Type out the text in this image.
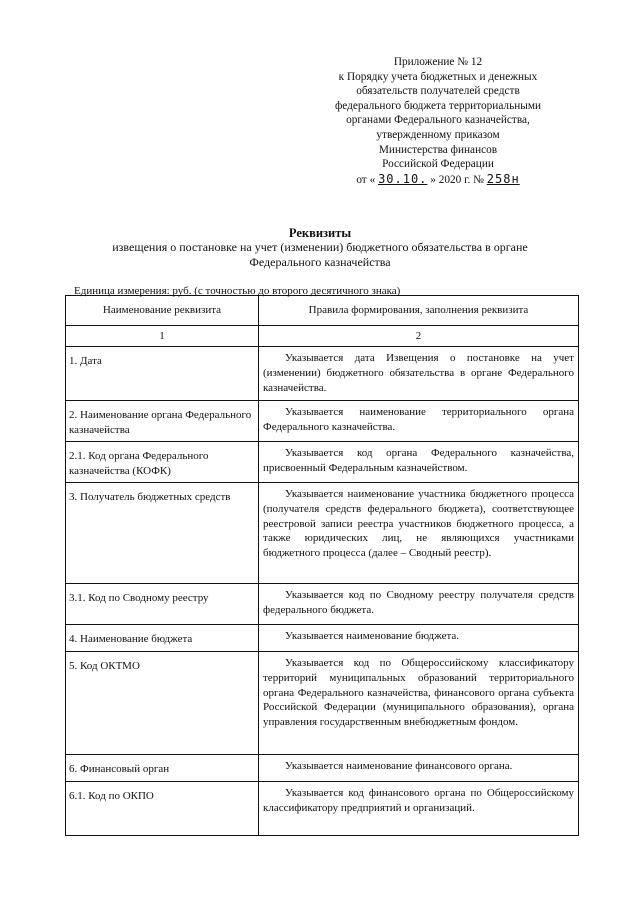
Приложение № 12
к Порядку учета бюджетных и денежных
обязательств получателей средств
федерального бюджета территориальными
органами Федерального казначейства,
утвержденному приказом
Министерства финансов
Российской Федерации
от « 30.10. » 2020 г. № 258н
Реквизиты
извещения о постановке на учет (изменении) бюджетного обязательства в органе Федерального казначейства
Единица измерения: руб. (с точностью до второго десятичного знака)
Наименование реквизита	Правила формирования, заполнения реквизита
1	2
1. Дата	Указывается дата Извещения о постановке на учет (изменении) бюджетного обязательства в органе Федерального казначейства.
2. Наименование органа Федерального казначейства	Указывается наименование территориального органа Федерального казначейства.
2.1. Код органа Федерального казначейства (КОФК)	Указывается код органа Федерального казначейства, присвоенный Федеральным казначейством.
3. Получатель бюджетных средств	Указывается наименование участника бюджетного процесса (получателя средств федерального бюджета), соответствующее реестровой записи реестра участников бюджетного процесса, а также юридических лиц, не являющихся участниками бюджетного процесса (далее – Сводный реестр).
3.1. Код по Сводному реестру	Указывается код по Сводному реестру получателя средств федерального бюджета.
4. Наименование бюджета	Указывается наименование бюджета.
5. Код ОКТМО	Указывается код по Общероссийскому классификатору территорий муниципальных образований территориального органа Федерального казначейства, финансового органа субъекта Российской Федерации (муниципального образования), органа управления государственным внебюджетным фондом.
6. Финансовый орган	Указывается наименование финансового органа.
6.1. Код по ОКПО	Указывается код финансового органа по Общероссийскому классификатору предприятий и организаций.
